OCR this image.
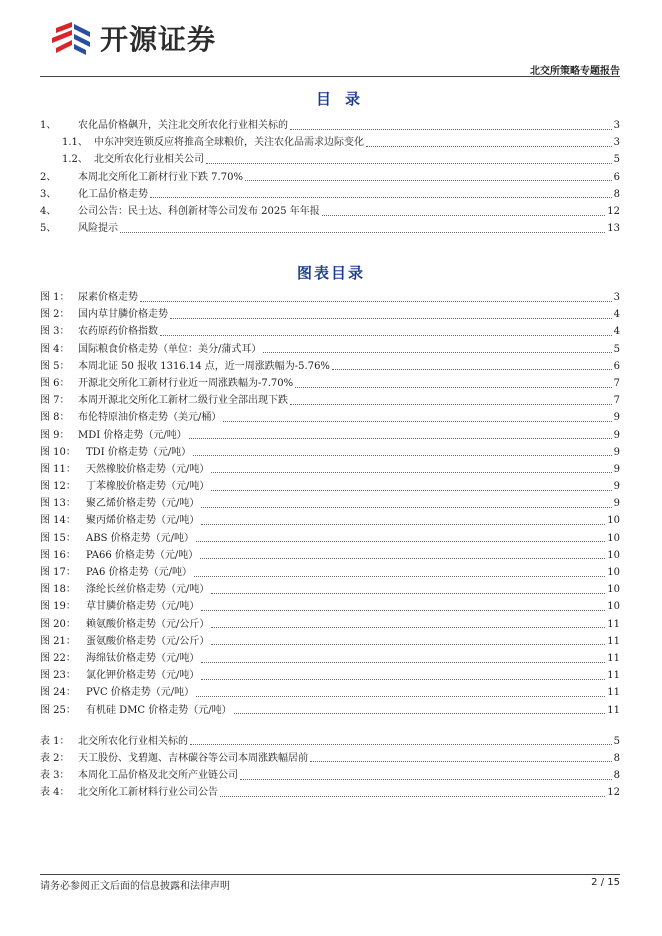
开源证券
北交所策略专题报告
目录
1、	农化品价格飙升，关注北交所农化行业相关标的	3
1.1、 中东冲突连锁反应将推高全球粮价，关注农化品需求边际变化	3
1.2、 北交所农化行业相关公司	5
2、	本周北交所化工新材行业下跌 7.70%	6
3、	化工品价格走势	8
4、	公司公告：民士达、科创新材等公司发布 2025 年年报	12
5、	风险提示	13
图表目录
图 1： 尿素价格走势	3
图 2： 国内草甘膦价格走势	4
图 3： 农药原药价格指数	4
图 4： 国际粮食价格走势（单位：美分/蒲式耳）	5
图 5： 本周北证 50 报收 1316.14 点，近一周涨跌幅为-5.76%	6
图 6： 开源北交所化工新材行业近一周涨跌幅为-7.70%	7
图 7： 本周开源北交所化工新材二级行业全部出现下跌	7
图 8： 布伦特原油价格走势（美元/桶）	9
图 9： MDI 价格走势（元/吨）	9
图 10：	TDI 价格走势（元/吨）	9
图 11：	天然橡胶价格走势（元/吨）	9
图 12：	丁苯橡胶价格走势（元/吨）	9
图 13：	聚乙烯价格走势（元/吨）	9
图 14：	聚丙烯价格走势（元/吨）	10
图 15：	ABS 价格走势（元/吨）	10
图 16：	PA66 价格走势（元/吨）	10
图 17：	PA6 价格走势（元/吨）	10
图 18：	涤纶长丝价格走势（元/吨）	10
图 19：	草甘膦价格走势（元/吨）	10
图 20：	赖氨酸价格走势（元/公斤）	11
图 21：	蛋氨酸价格走势（元/公斤）	11
图 22：	海绵钛价格走势（元/吨）	11
图 23：	氯化钾价格走势（元/吨）	11
图 24：	PVC 价格走势（元/吨）	11
图 25：	有机硅 DMC 价格走势（元/吨）	11
表 1： 北交所农化行业相关标的	5
表 2： 天工股份、戈碧迦、吉林碳谷等公司本周涨跌幅居前	8
表 3： 本周化工品价格及北交所产业链公司	8
表 4： 北交所化工新材料行业公司公告	12
请务必参阅正文后面的信息披露和法律声明	2 / 15
